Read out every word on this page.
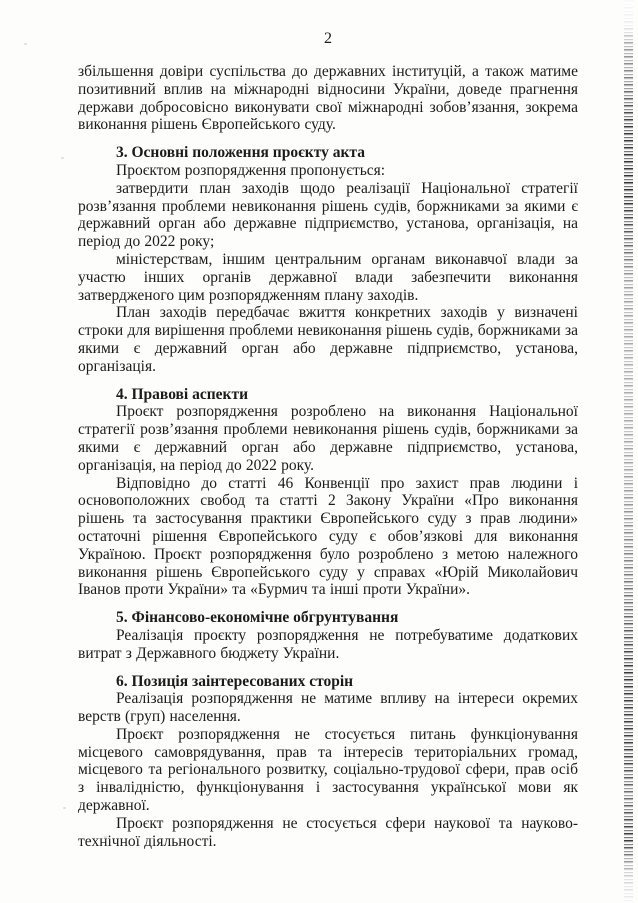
2
збільшення довіри суспільства до державних інституцій, а також матиме позитивний вплив на міжнародні відносини України, доведе прагнення держави добросовісно виконувати свої міжнародні зобов’язання, зокрема виконання рішень Європейського суду.
3. Основні положення проєкту акта
Проєктом розпорядження пропонується:
затвердити план заходів щодо реалізації Національної стратегії розв’язання проблеми невиконання рішень судів, боржниками за якими є державний орган або державне підприємство, установа, організація, на період до 2022 року;
міністерствам, іншим центральним органам виконавчої влади за участю інших органів державної влади забезпечити виконання затвердженого цим розпорядженням плану заходів.
План заходів передбачає вжиття конкретних заходів у визначені строки для вирішення проблеми невиконання рішень судів, боржниками за якими є державний орган або державне підприємство, установа, організація.
4. Правові аспекти
Проєкт розпорядження розроблено на виконання Національної стратегії розв’язання проблеми невиконання рішень судів, боржниками за якими є державний орган або державне підприємство, установа, організація, на період до 2022 року.
Відповідно до статті 46 Конвенції про захист прав людини і основоположних свобод та статті 2 Закону України «Про виконання рішень та застосування практики Європейського суду з прав людини» остаточні рішення Європейського суду є обов’язкові для виконання Україною. Проєкт розпорядження було розроблено з метою належного виконання рішень Європейського суду у справах «Юрій Миколайович Іванов проти України» та «Бурмич та інші проти України».
5. Фінансово-економічне обгрунтування
Реалізація проєкту розпорядження не потребуватиме додаткових витрат з Державного бюджету України.
6. Позиція заінтересованих сторін
Реалізація розпорядження не матиме впливу на інтереси окремих верств (груп) населення.
Проєкт розпорядження не стосується питань функціонування місцевого самоврядування, прав та інтересів територіальних громад, місцевого та регіонального розвитку, соціально-трудової сфери, прав осіб з інвалідністю, функціонування і застосування української мови як державної.
Проєкт розпорядження не стосується сфери наукової та науково-технічної діяльності.
